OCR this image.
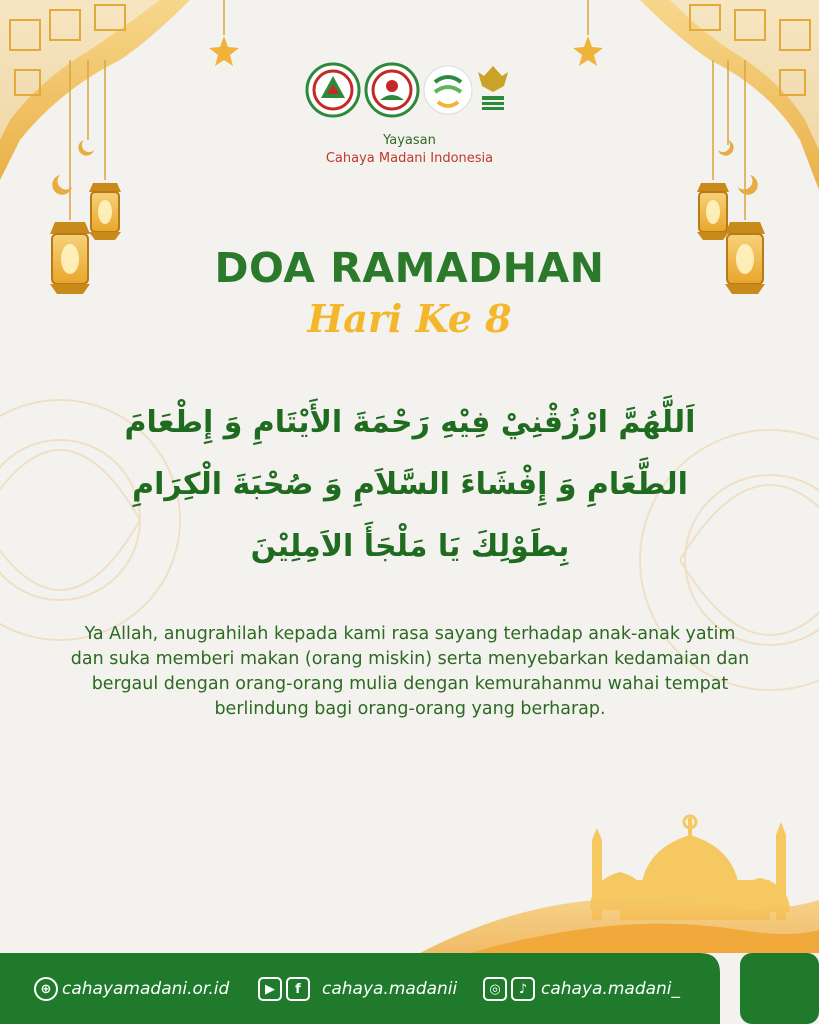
Yayasan
Cahaya Madani Indonesia
DOA RAMADHAN
Hari Ke 8
اَللَّهُمَّ ارْزُقْنِيْ فِيْهِ رَحْمَةَ الأَيْتَامِ وَ إِطْعَامَ
الطَّعَامِ وَ إِفْشَاءَ السَّلاَمِ وَ صُحْبَةَ الْكِرَامِ
بِطَوْلِكَ يَا مَلْجَأَ الاَمِلِيْنَ
Ya Allah, anugrahilah kepada kami rasa sayang terhadap anak-anak yatim dan suka memberi makan (orang miskin) serta menyebarkan kedamaian dan bergaul dengan orang-orang mulia dengan kemurahanmu wahai tempat berlindung bagi orang-orang yang berharap.
⊕ cahayamadani.or.id	▶	f	cahaya.madanii	◎	♪ cahaya.madani_
